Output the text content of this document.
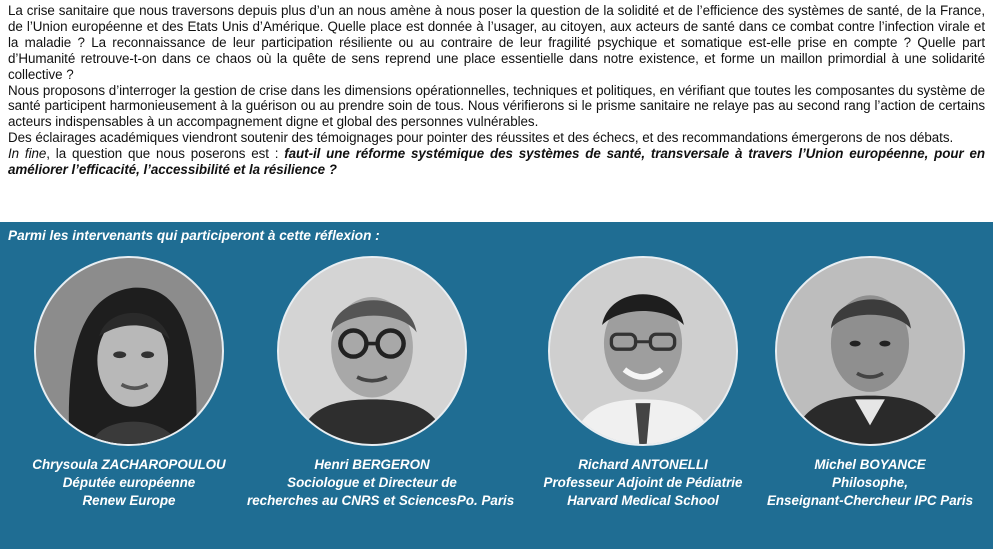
La crise sanitaire que nous traversons depuis plus d’un an nous amène à nous poser la question de la solidité et de l’efficience des systèmes de santé, de la France, de l’Union européenne et des Etats Unis d’Amérique. Quelle place est donnée à l’usager, au citoyen, aux acteurs de santé dans ce combat contre l’infection virale et la maladie ? La reconnaissance de leur participation résiliente ou au contraire de leur fragilité psychique et somatique est-elle prise en compte ? Quelle part d’Humanité retrouve-t-on dans ce chaos où la quête de sens reprend une place essentielle dans notre existence, et forme un maillon primordial à une solidarité collective ?

Nous proposons d’interroger la gestion de crise dans les dimensions opérationnelles, techniques et politiques, en vérifiant que toutes les composantes du système de santé participent harmonieusement à la guérison ou au prendre soin de tous. Nous vérifierons si le prisme sanitaire ne relaye pas au second rang l’action de certains acteurs indispensables à un accompagnement digne et global des personnes vulnérables.

Des éclairages académiques viendront soutenir des témoignages pour pointer des réussites et des échecs, et des recommandations émergerons de nos débats.

In fine, la question que nous poserons est : faut-il une réforme systémique des systèmes de santé, transversale à travers l’Union européenne, pour en améliorer l’efficacité, l’accessibilité et la résilience ?

Parmi les intervenants qui participeront à cette réflexion :
Chrysoula ZACHAROPOULOU
Députée européenne
Renew Europe
Henri BERGERON
Sociologue et Directeur de
recherches au CNRS et SciencesPo. Paris
Richard ANTONELLI
Professeur Adjoint de Pédiatrie
Harvard Medical School
Michel BOYANCE
Philosophe,
Enseignant-Chercheur IPC Paris
